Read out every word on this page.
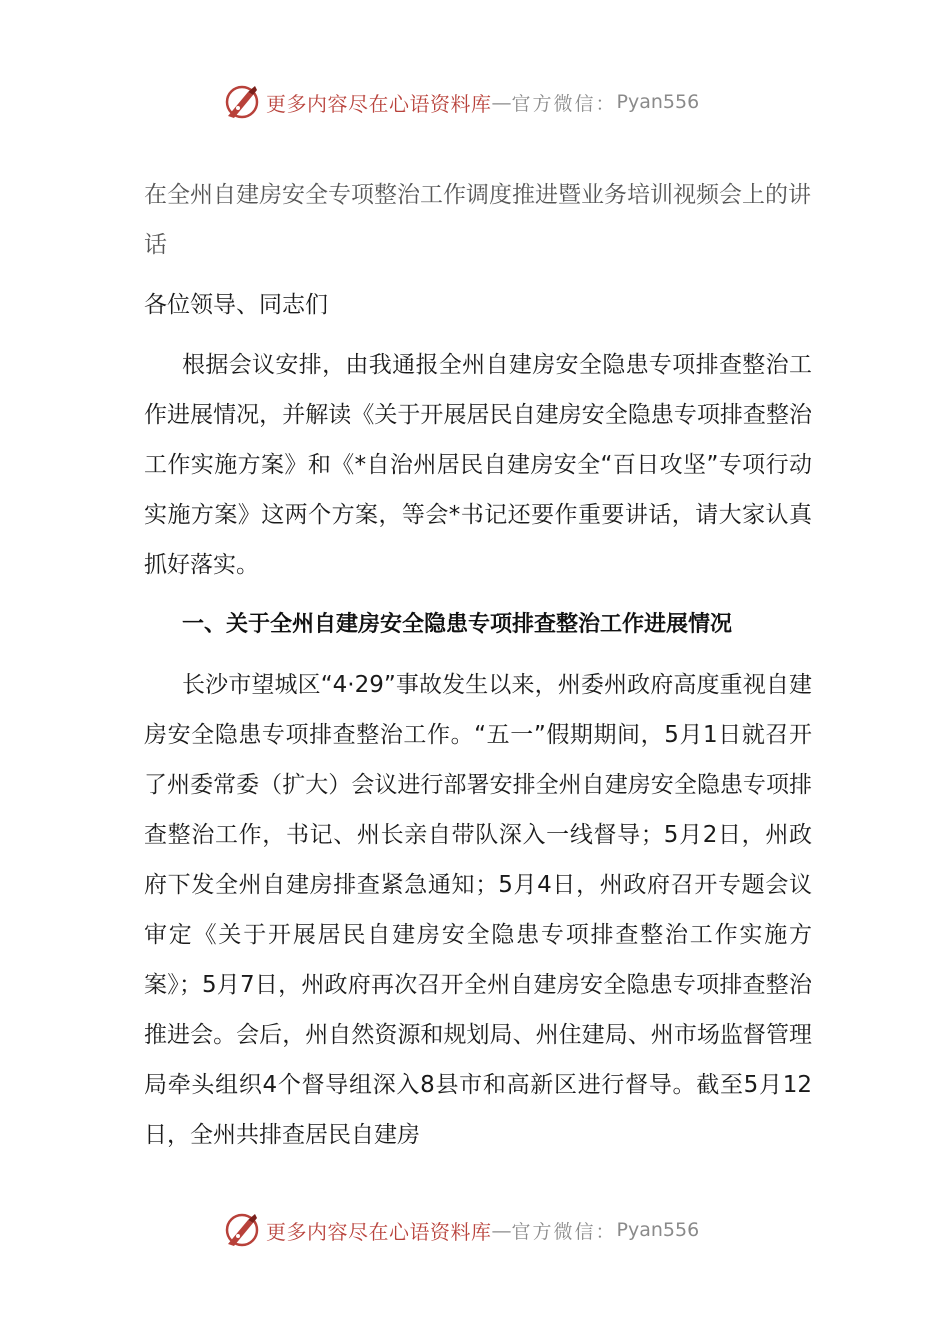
更多内容尽在心语资料库 — 官方微信： Pyan556
在全州自建房安全专项整治工作调度推进暨业务培训视频会上的讲话

各位领导、同志们

根据会议安排，由我通报全州自建房安全隐患专项排查整治工作进展情况，并解读《关于开展居民自建房安全隐患专项排查整治工作实施方案》和《*自治州居民自建房安全“百日攻坚”专项行动实施方案》这两个方案，等会*书记还要作重要讲话，请大家认真抓好落实。

一、关于全州自建房安全隐患专项排查整治工作进展情况

长沙市望城区“4·29”事故发生以来，州委州政府高度重视自建房安全隐患专项排查整治工作。“五一”假期期间，5月1日就召开了州委常委（扩大）会议进行部署安排全州自建房安全隐患专项排查整治工作，书记、州长亲自带队深入一线督导；5月2日，州政府下发全州自建房排查紧急通知；5月4日，州政府召开专题会议审定《关于开展居民自建房安全隐患专项排查整治工作实施方案》；5月7日，州政府再次召开全州自建房安全隐患专项排查整治推进会。会后，州自然资源和规划局、州住建局、州市场监督管理局牵头组织4个督导组深入8县市和高新区进行督导。截至5月12日，全州共排查居民自建房

更多内容尽在心语资料库 — 官方微信： Pyan556
